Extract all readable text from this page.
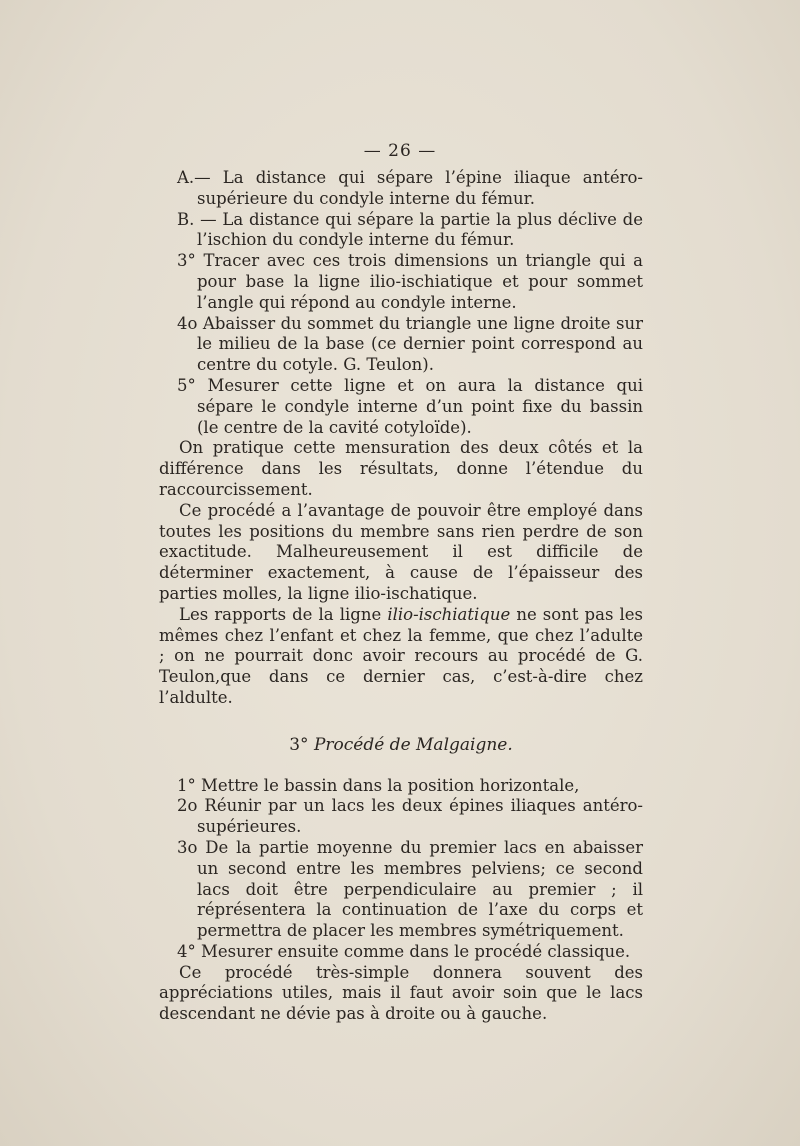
— 26 —

A.— La distance qui sépare l’épine iliaque antéro-supérieure du condyle interne du fémur.

B. — La distance qui sépare la partie la plus déclive de l’ischion du condyle interne du fémur.

3° Tracer avec ces trois dimensions un triangle qui a pour base la ligne ilio-ischiatique et pour sommet l’angle qui répond au condyle interne.

4o Abaisser du sommet du triangle une ligne droite sur le milieu de la base (ce dernier point correspond au centre du cotyle. G. Teulon).

5° Mesurer cette ligne et on aura la distance qui sépare le condyle interne d’un point fixe du bassin (le centre de la cavité cotyloïde).

On pratique cette mensuration des deux côtés et la différence dans les résultats, donne l’étendue du raccourcissement.

Ce procédé a l’avantage de pouvoir être employé dans toutes les positions du membre sans rien perdre de son exactitude. Malheureusement il est difficile de déterminer exactement, à cause de l’épaisseur des parties molles, la ligne ilio-ischatique.

Les rapports de la ligne ilio-ischiatique ne sont pas les mêmes chez l’enfant et chez la femme, que chez l’adulte ; on ne pourrait donc avoir recours au procédé de G. Teulon,que dans ce dernier cas, c’est-à-dire chez l’aldulte.

3° Procédé de Malgaigne.

1° Mettre le bassin dans la position horizontale,

2o Réunir par un lacs les deux épines iliaques antéro-supérieures.

3o De la partie moyenne du premier lacs en abaisser un second entre les membres pelviens; ce second lacs doit être perpendiculaire au premier ; il réprésentera la continuation de l’axe du corps et permettra de placer les membres symétriquement.

4° Mesurer ensuite comme dans le procédé classique.

Ce procédé très-simple donnera souvent des appréciations utiles, mais il faut avoir soin que le lacs descendant ne dévie pas à droite ou à gauche.
